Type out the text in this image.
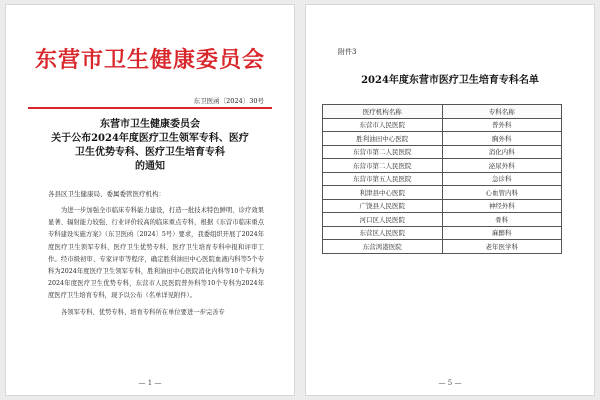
东营市卫生健康委员会
东卫医函〔2024〕30号
东营市卫生健康委员会
关于公布2024年度医疗卫生领军专科、医疗
卫生优势专科、医疗卫生培育专科
的通知
各县区卫生健康局、委属委管医疗机构：

为进一步加强全市临床专科能力建设，打造一批技术特色鲜明、诊疗效果显著、辐射能力较强、行业评价较高的临床重点专科，根据《东营市临床重点专科建设实施方案》（东卫医函〔2024〕5号）要求，我委组织开展了2024年度医疗卫生领军专科、医疗卫生优势专科、医疗卫生培育专科申报和评审工作。经市级初审、专家评审等程序，确定胜利油田中心医院血液内科等5个专科为2024年度医疗卫生领军专科，胜利油田中心医院消化内科等10个专科为2024年度医疗卫生优势专科，东营市人民医院普外科等10个专科为2024年度医疗卫生培育专科，现予以公布（名单详见附件）。

各领军专科、优势专科、培育专科所在单位要进一步完善专

— 1 —
附件3
2024年度东营市医疗卫生培育专科名单
医疗机构名称	专科名称
东营市人民医院	普外科
胜利油田中心医院	胸外科
东营市第二人民医院	消化内科
东营市第二人民医院	泌尿外科
东营市第五人民医院	急诊科
利津县中心医院	心血管内科
广饶县人民医院	神经外科
河口区人民医院	骨科
东营区人民医院	麻醉科
东营鸿港医院	老年医学科
— 5 —
